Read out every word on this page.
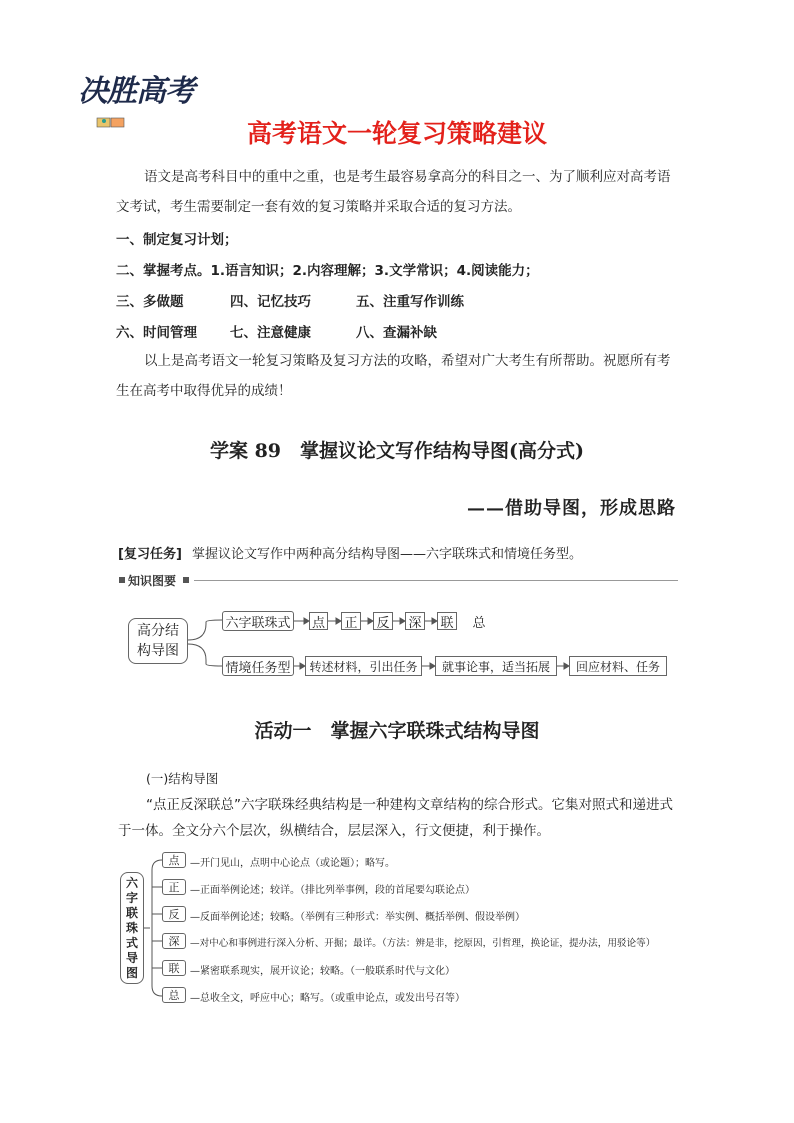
决胜高考
高考语文一轮复习策略建议
语文是高考科目中的重中之重，也是考生最容易拿高分的科目之一、为了顺利应对高考语文考试，考生需要制定一套有效的复习策略并采取合适的复习方法。
一、制定复习计划；
二、掌握考点。1.语言知识；2.内容理解；3.文学常识；4.阅读能力；
三、多做题	四、记忆技巧	五、注重写作训练
六、时间管理 七、注意健康	八、查漏补缺
以上是高考语文一轮复习策略及复习方法的攻略，希望对广大考生有所帮助。祝愿所有考生在高考中取得优异的成绩！
学案 89　掌握议论文写作结构导图(高分式)
——借助导图，形成思路
[复习任务] 掌握议论文写作中两种高分结构导图——六字联珠式和情境任务型。
知识图要
高分结构导图
六字联珠式 点 正 反 深 联 总
情境任务型	转述材料，引出任务	就事论事，适当拓展	回应材料、任务
活动一　掌握六字联珠式结构导图
(一)结构导图
“点正反深联总”六字联珠经典结构是一种建构文章结构的综合形式。它集对照式和递进式于一体。全文分六个层次，纵横结合，层层深入，行文便捷，利于操作。
六字联珠式导图
点	—开门见山，点明中心论点（或论题）；略写。
正	—正面举例论述；较详。（排比列举事例，段的首尾要勾联论点）
反	—反面举例论述；较略。（举例有三种形式：举实例、概括举例、假设举例）
深	—对中心和事例进行深入分析、开掘；最详。（方法：辨是非，挖原因，引哲理，换论证，提办法，用驳论等）
联	—紧密联系现实，展开议论；较略。（一般联系时代与文化）
总	—总收全文，呼应中心；略写。（或重申论点，或发出号召等）
